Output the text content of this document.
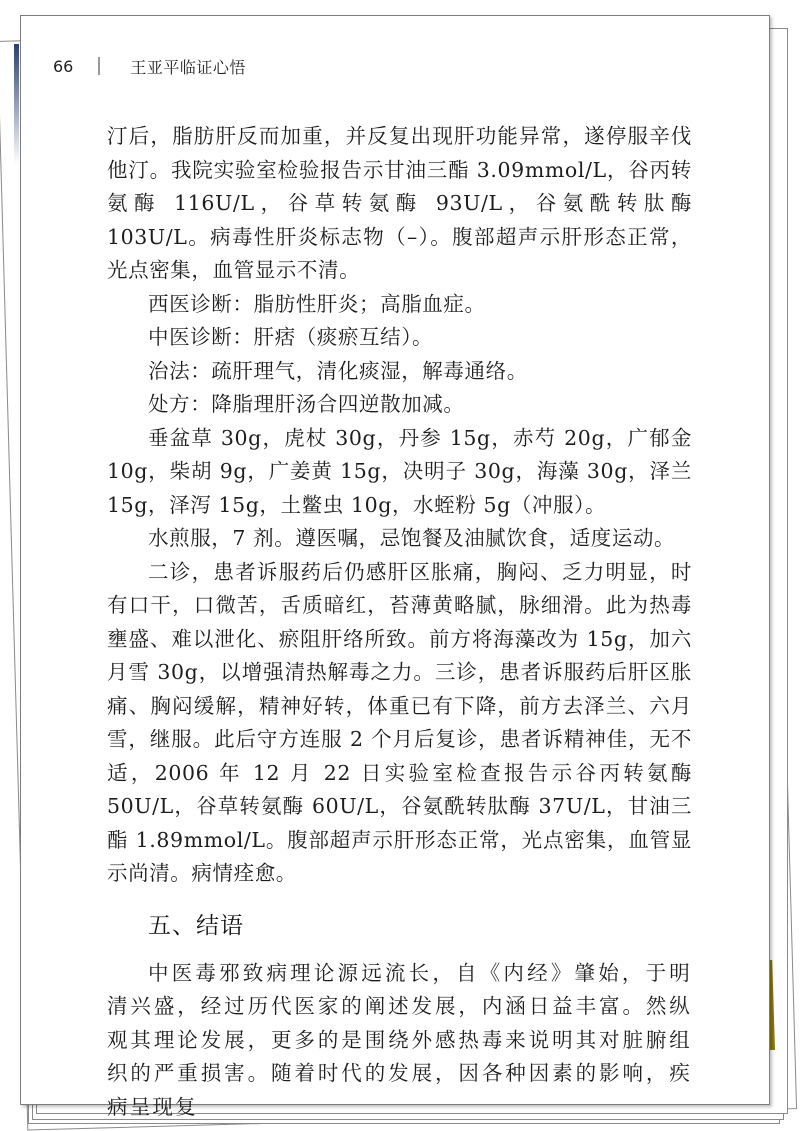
66	王亚平临证心悟

汀后，脂肪肝反而加重，并反复出现肝功能异常，遂停服辛伐他汀。我院实验室检验报告示甘油三酯 3.09mmol/L，谷丙转氨酶 116U/L，谷草转氨酶 93U/L，谷氨酰转肽酶 103U/L。病毒性肝炎标志物（–）。腹部超声示肝形态正常，光点密集，血管显示不清。

西医诊断：脂肪性肝炎；高脂血症。

中医诊断：肝痞（痰瘀互结）。

治法：疏肝理气，清化痰湿，解毒通络。

处方：降脂理肝汤合四逆散加减。

垂盆草 30g，虎杖 30g，丹参 15g，赤芍 20g，广郁金 10g，柴胡 9g，广姜黄 15g，决明子 30g，海藻 30g，泽兰 15g，泽泻 15g，土鳖虫 10g，水蛭粉 5g（冲服）。

水煎服，7 剂。遵医嘱，忌饱餐及油腻饮食，适度运动。

二诊，患者诉服药后仍感肝区胀痛，胸闷、乏力明显，时有口干，口微苦，舌质暗红，苔薄黄略腻，脉细滑。此为热毒壅盛、难以泄化、瘀阻肝络所致。前方将海藻改为 15g，加六月雪 30g，以增强清热解毒之力。三诊，患者诉服药后肝区胀痛、胸闷缓解，精神好转，体重已有下降，前方去泽兰、六月雪，继服。此后守方连服 2 个月后复诊，患者诉精神佳，无不适，2006 年 12 月 22 日实验室检查报告示谷丙转氨酶 50U/L，谷草转氨酶 60U/L，谷氨酰转肽酶 37U/L，甘油三酯 1.89mmol/L。腹部超声示肝形态正常，光点密集，血管显示尚清。病情痊愈。

五、结语

中医毒邪致病理论源远流长，自《内经》肇始，于明清兴盛，经过历代医家的阐述发展，内涵日益丰富。然纵观其理论发展，更多的是围绕外感热毒来说明其对脏腑组织的严重损害。随着时代的发展，因各种因素的影响，疾病呈现复
